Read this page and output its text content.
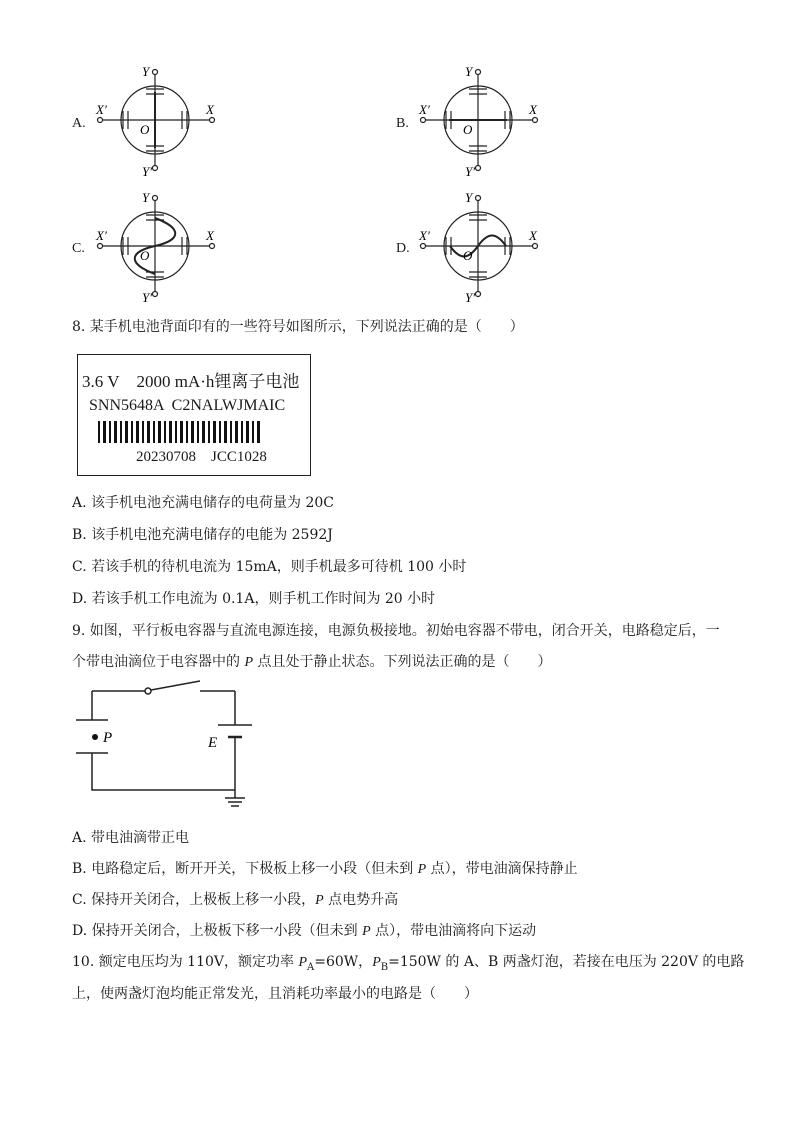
A.	B.
C.	D.
Y
X′	X
O
Y′
Y
X′	X
O
Y′
Y
X′	X
O
Y′
Y
X′	X
O
Y′
8. 某手机电池背面印有的一些符号如图所示，下列说法正确的是（　　）
3.6 V  2000 mA·h锂离子电池
SNN5648A  C2NALWJMAIC
20230708  JCC1028
A. 该手机电池充满电储存的电荷量为 20C
B. 该手机电池充满电储存的电能为 2592J
C. 若该手机的待机电流为 15mA，则手机最多可待机 100 小时
D. 若该手机工作电流为 0.1A，则手机工作时间为 20 小时
9. 如图，平行板电容器与直流电源连接，电源负极接地。初始电容器不带电，闭合开关，电路稳定后，一
个带电油滴位于电容器中的 P 点且处于静止状态。下列说法正确的是（　　）
P	E
A. 带电油滴带正电
B. 电路稳定后，断开开关，下极板上移一小段（但未到 P 点），带电油滴保持静止
C. 保持开关闭合，上极板上移一小段，P 点电势升高
D. 保持开关闭合，上极板下移一小段（但未到 P 点），带电油滴将向下运动
10. 额定电压均为 110V，额定功率 $P_A=60W$，$P_B=150W$ 的 A、B 两盏灯泡，若接在电压为 220V 的电路
上，使两盏灯泡均能正常发光，且消耗功率最小的电路是（　　）
